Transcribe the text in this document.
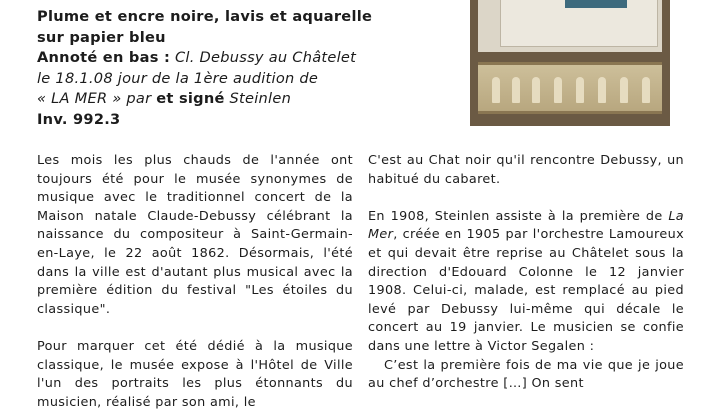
Plume et encre noire, lavis et aquarelle
sur papier bleu
Annoté en bas : Cl. Debussy au Châtelet
le 18.1.08 jour de la 1ère audition de
« LA MER » par et signé Steinlen
Inv. 992.3

Les mois les plus chauds de l'année ont toujours été pour le musée synonymes de musique avec le traditionnel concert de la Maison natale Claude-Debussy célébrant la naissance du compositeur à Saint-Germain-en-Laye, le 22 août 1862. Désormais, l'été dans la ville est d'autant plus musical avec la première édition du festival "Les étoiles du classique".

Pour marquer cet été dédié à la musique classique, le musée expose à l'Hôtel de Ville l'un des portraits les plus étonnants du musicien, réalisé par son ami, le

C'est au Chat noir qu'il rencontre Debussy, un habitué du cabaret.

En 1908, Steinlen assiste à la première de La Mer, créée en 1905 par l'orchestre Lamoureux et qui devait être reprise au Châtelet sous la direction d'Edouard Colonne le 12 janvier 1908. Celui-ci, malade, est remplacé au pied levé par Debussy lui-même qui décale le concert au 19 janvier. Le musicien se confie dans une lettre à Victor Segalen :

C’est la première fois de ma vie que je joue au chef d’orchestre […] On sent
